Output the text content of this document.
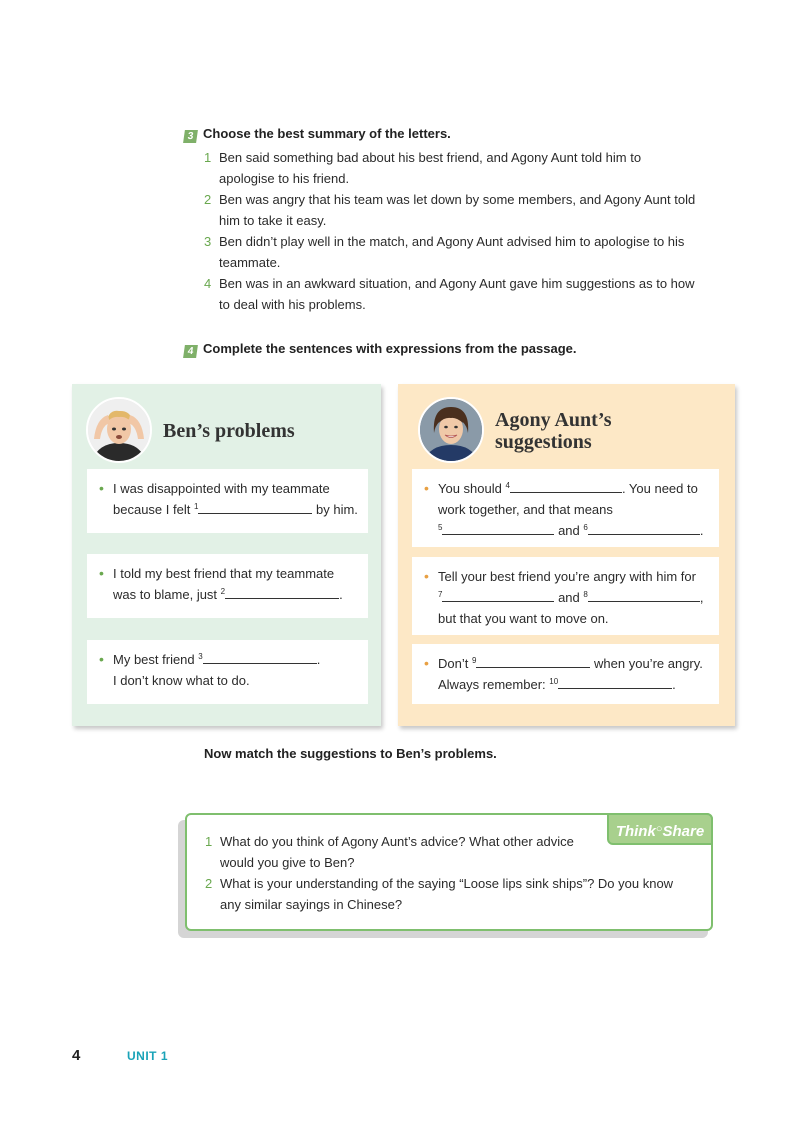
3 Choose the best summary of the letters.
1 Ben said something bad about his best friend, and Agony Aunt told him to
apologise to his friend.
2 Ben was angry that his team was let down by some members, and Agony Aunt told
him to take it easy.
3 Ben didn’t play well in the match, and Agony Aunt advised him to apologise to his
teammate.
4 Ben was in an awkward situation, and Agony Aunt gave him suggestions as to how
to deal with his problems.
4 Complete the sentences with expressions from the passage.
Ben’s problems
• I was disappointed with my teammate
because I felt $^1$	by him.
• I told my best friend that my teammate
was to blame, just $^2$	.
• My best friend $^3$	.
I don’t know what to do.
Agony Aunt’s
suggestions
• You should $^4$	. You need to
work together, and that means
$^5$	and $^6$	.
• Tell your best friend you’re angry with him for
$^7$	and $^8$	,
but that you want to move on.
• Don’t $^9$	when you’re angry.
Always remember: $^{10}$	.
Now match the suggestions to Ben’s problems.
Think○Share
1 What do you think of Agony Aunt’s advice? What other advice
would you give to Ben?
2 What is your understanding of the saying “Loose lips sink ships”? Do you know
any similar sayings in Chinese?
4	UNIT 1
